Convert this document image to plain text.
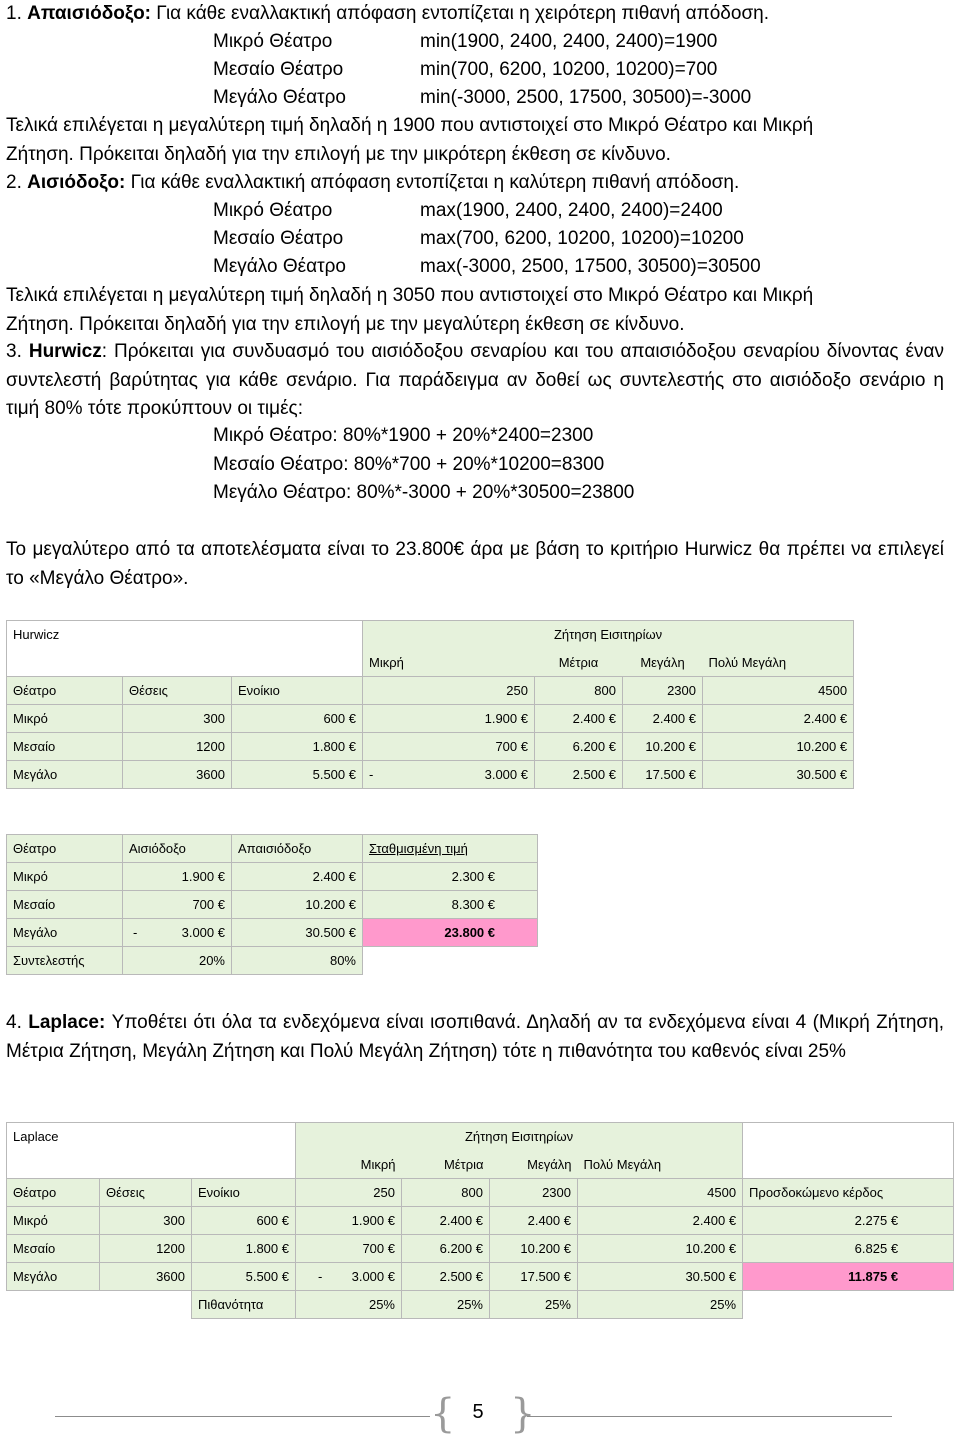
1. Απαισιόδοξο: Για κάθε εναλλακτική απόφαση εντοπίζεται η χειρότερη πιθανή απόδοση.
Μικρό Θέατρο	min(1900, 2400, 2400, 2400)=1900
Μεσαίο Θέατρο	min(700, 6200, 10200, 10200)=700
Μεγάλο Θέατρο	min(-3000, 2500, 17500, 30500)=-3000
Τελικά επιλέγεται η μεγαλύτερη τιμή δηλαδή η 1900 που αντιστοιχεί στο Μικρό Θέατρο και Μικρή
Ζήτηση. Πρόκειται δηλαδή για την επιλογή με την μικρότερη έκθεση σε κίνδυνο.
2. Αισιόδοξο: Για κάθε εναλλακτική απόφαση εντοπίζεται η καλύτερη πιθανή απόδοση.
Μικρό Θέατρο	max(1900, 2400, 2400, 2400)=2400
Μεσαίο Θέατρο	max(700, 6200, 10200, 10200)=10200
Μεγάλο Θέατρο	max(-3000, 2500, 17500, 30500)=30500
Τελικά επιλέγεται η μεγαλύτερη τιμή δηλαδή η 3050 που αντιστοιχεί στο Μικρό Θέατρο και Μικρή
Ζήτηση. Πρόκειται δηλαδή για την επιλογή με την μεγαλύτερη έκθεση σε κίνδυνο.
3. Hurwicz: Πρόκειται για συνδυασμό του αισιόδοξου σεναρίου και του απαισιόδοξου σεναρίου δίνοντας έναν συντελεστή βαρύτητας για κάθε σενάριο. Για παράδειγμα αν δοθεί ως συντελεστής στο αισιόδοξο σενάριο η τιμή 80% τότε προκύπτουν οι τιμές:
Μικρό Θέατρο: 80%*1900 + 20%*2400=2300
Μεσαίο Θέατρο: 80%*700 + 20%*10200=8300
Μεγάλο Θέατρο: 80%*-3000 + 20%*30500=23800
Το μεγαλύτερο από τα αποτελέσματα είναι το 23.800€ άρα με βάση το κριτήριο Hurwicz θα πρέπει να επιλεγεί το «Μεγάλο Θέατρο».
Hurwicz			Ζήτηση Εισιτηρίων			
			Μικρή	Μέτρια	Μεγάλη	Πολύ Μεγάλη
Θέατρο	Θέσεις	Ενοίκιο	250	800	2300	4500
Μικρό	300	600 €	1.900 €	2.400 €	2.400 €	2.400 €
Μεσαίο	1200	1.800 €	700 €	6.200 €	10.200 €	10.200 €
Μεγάλο	3600	5.500 €	- 3.000 €	2.500 €	17.500 €	30.500 €
Θέατρο	Αισιόδοξο	Απαισιόδοξο	Σταθμισμένη τιμή
Μικρό	1.900 €	2.400 €	2.300 €
Μεσαίο	700 €	10.200 €	8.300 €
Μεγάλο	- 3.000 €	30.500 €	23.800 €
Συντελεστής	20%	80%	
4. Laplace: Υποθέτει ότι όλα τα ενδεχόμενα είναι ισοπιθανά. Δηλαδή αν τα ενδεχόμενα είναι 4 (Μικρή Ζήτηση, Μέτρια Ζήτηση, Μεγάλη Ζήτηση και Πολύ Μεγάλη Ζήτηση) τότε η πιθανότητα του καθενός είναι 25%
Laplace			Ζήτηση Εισιτηρίων				
			Μικρή	Μέτρια	Μεγάλη	Πολύ Μεγάλη	
Θέατρο	Θέσεις	Ενοίκιο	250	800	2300	4500	Προσδοκώμενο κέρδος
Μικρό	300	600 €	1.900 €	2.400 €	2.400 €	2.400 €	2.275 €
Μεσαίο	1200	1.800 €	700 €	6.200 €	10.200 €	10.200 €	6.825 €
Μεγάλο	3600	5.500 €	- 3.000 €	2.500 €	17.500 €	30.500 €	11.875 €
		Πιθανότητα	25%	25%	25%	25%	
{ }
5
